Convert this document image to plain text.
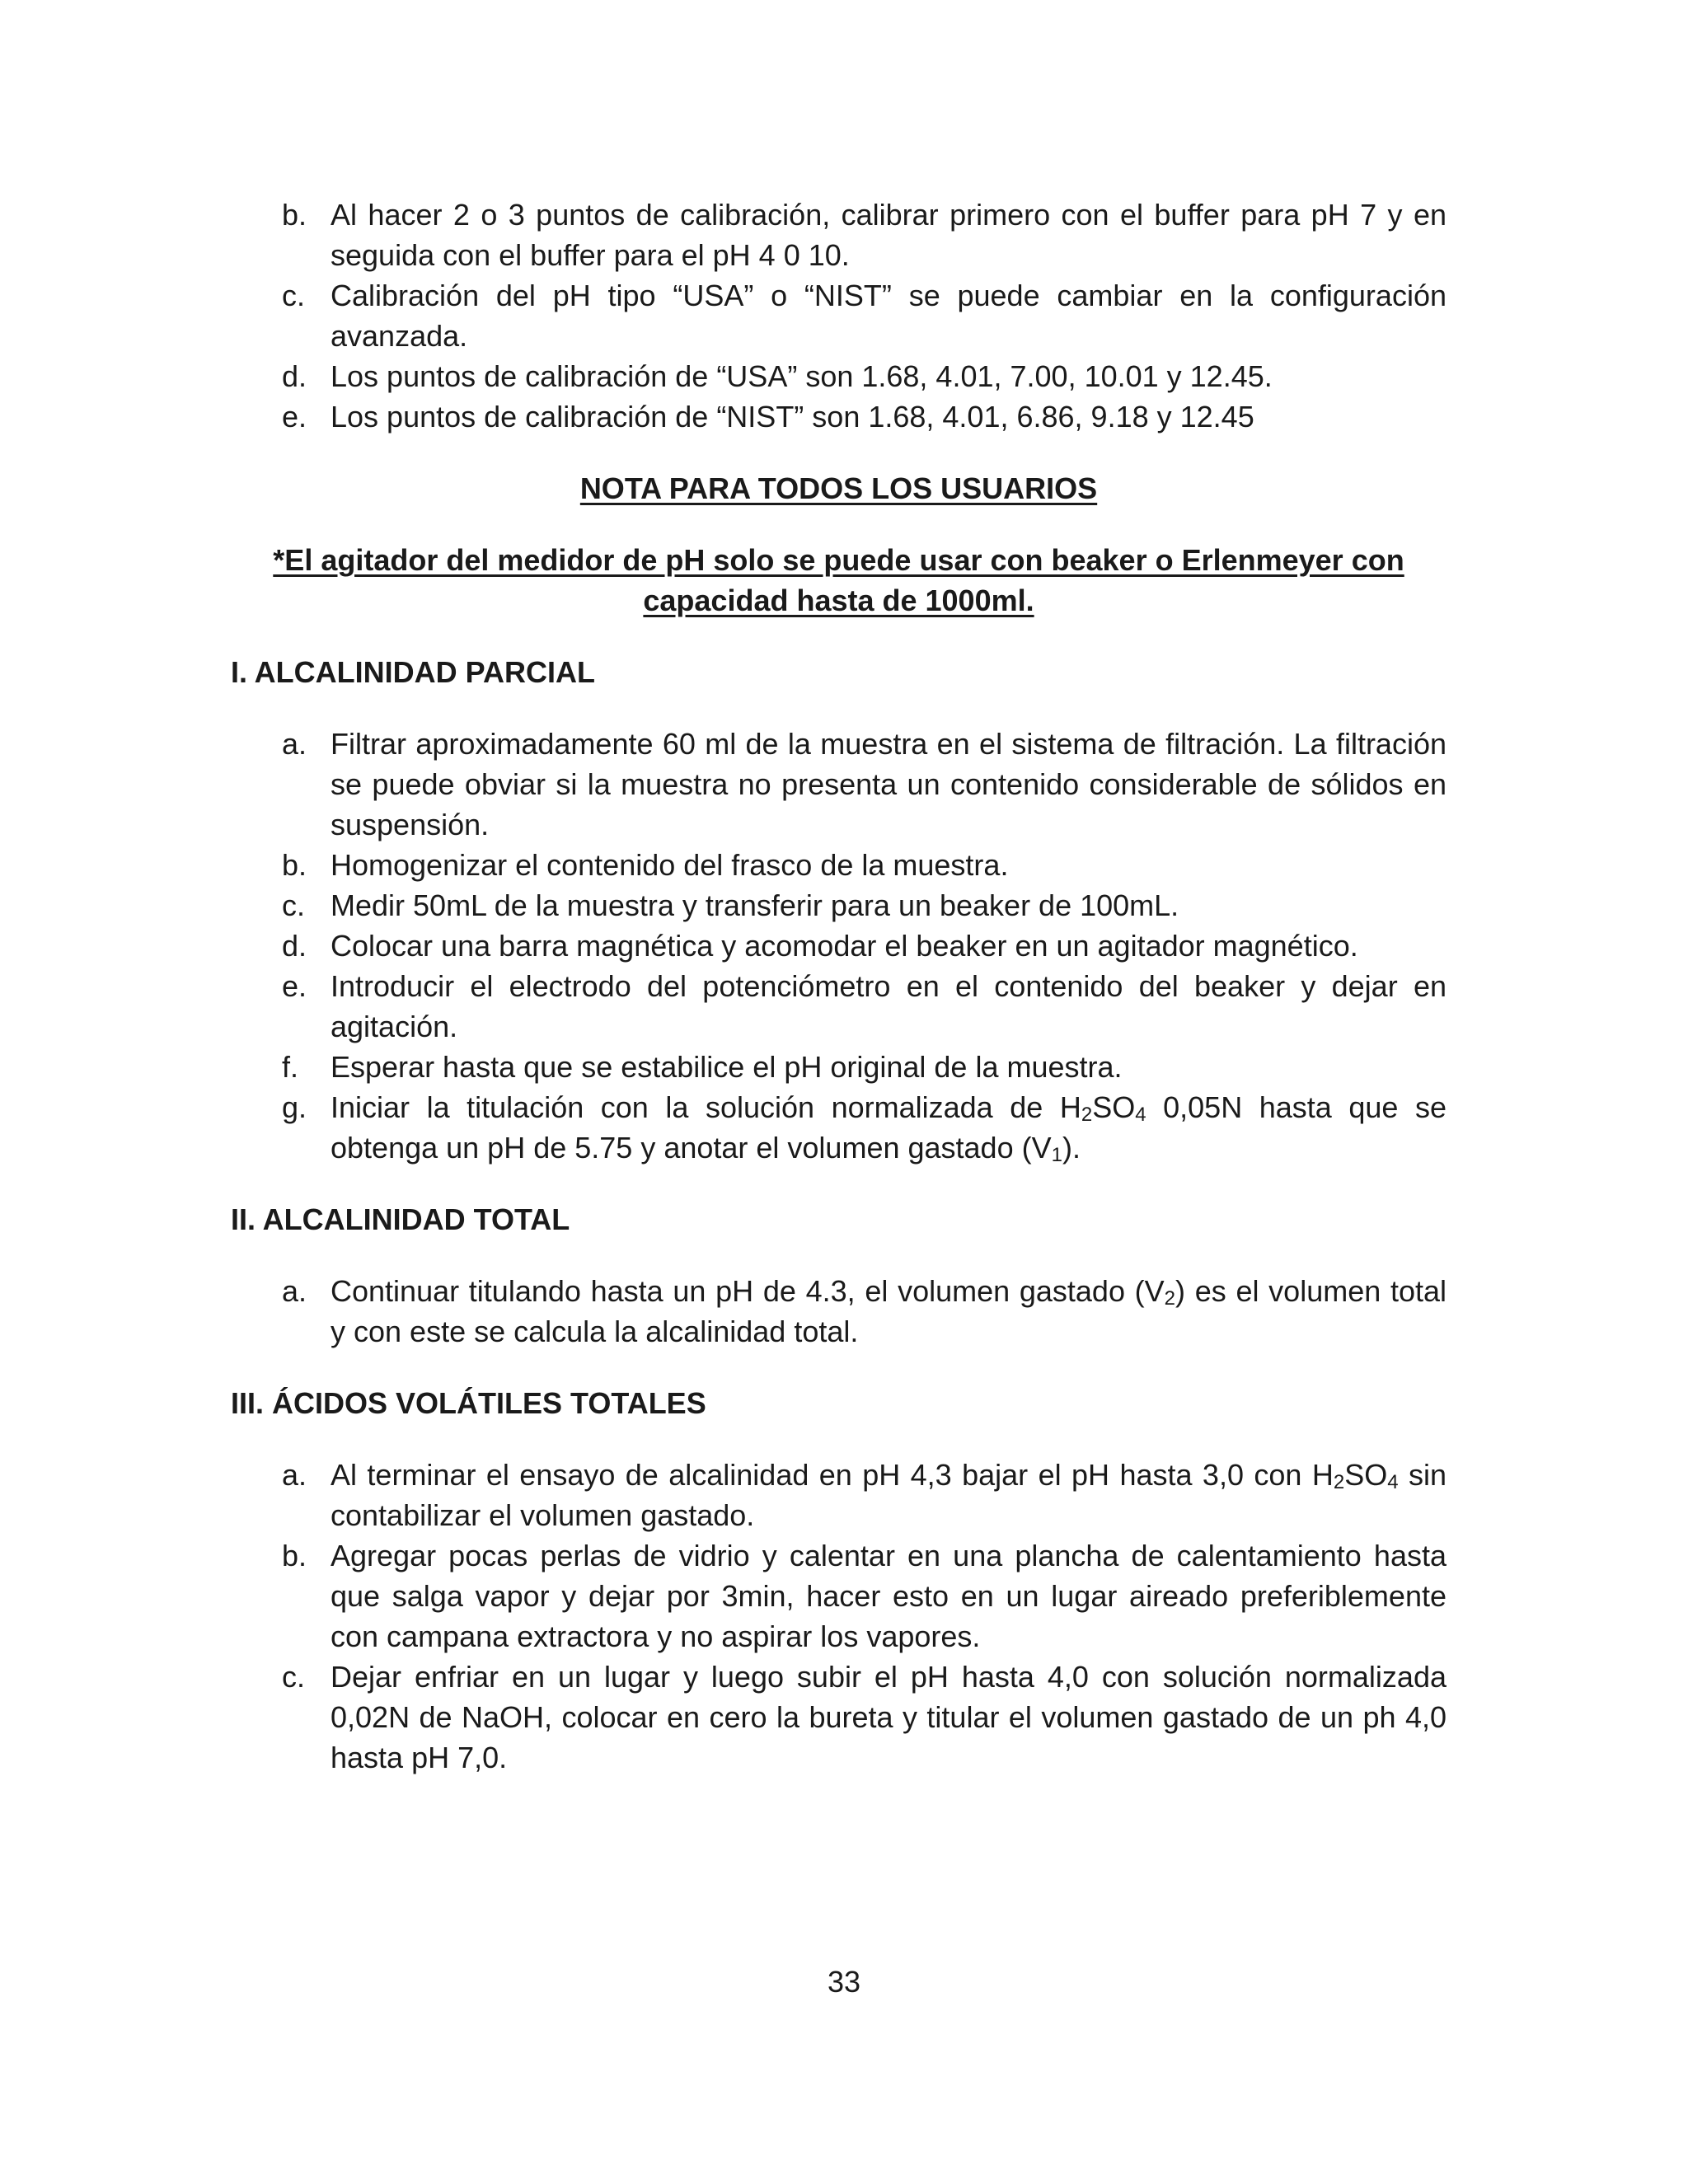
b. Al hacer 2 o 3 puntos de calibración, calibrar primero con el buffer para pH 7 y en seguida con el buffer para el pH 4 0 10.

c. Calibración del pH tipo “USA” o “NIST” se puede cambiar en la configuración avanzada.

d. Los puntos de calibración de “USA” son 1.68, 4.01, 7.00, 10.01 y 12.45.

e. Los puntos de calibración de “NIST” son 1.68, 4.01, 6.86, 9.18 y 12.45

NOTA PARA TODOS LOS USUARIOS

*El agitador del medidor de pH solo se puede usar con beaker o Erlenmeyer con

capacidad hasta de 1000ml.

I. ALCALINIDAD PARCIAL

a. Filtrar aproximadamente 60 ml de la muestra en el sistema de filtración. La filtración se puede obviar si la muestra no presenta un contenido considerable de sólidos en suspensión.

b. Homogenizar el contenido del frasco de la muestra.

c. Medir 50mL de la muestra y transferir para un beaker de 100mL.

d. Colocar una barra magnética y acomodar el beaker en un agitador magnético.

e. Introducir el electrodo del potenciómetro en el contenido del beaker y dejar en agitación.

f.	Esperar hasta que se estabilice el pH original de la muestra.

g. Iniciar la titulación con la solución normalizada de $H_2SO_4$ 0,05N hasta que se obtenga un pH de 5.75 y anotar el volumen gastado $(V_1)$.

II. ALCALINIDAD TOTAL

a. Continuar titulando hasta un pH de 4.3, el volumen gastado $(V_2)$ es el volumen total y con este se calcula la alcalinidad total.

III. ÁCIDOS VOLÁTILES TOTALES

a. Al terminar el ensayo de alcalinidad en pH 4,3 bajar el pH hasta 3,0 con $H_2SO_4$ sin contabilizar el volumen gastado.

b. Agregar pocas perlas de vidrio y calentar en una plancha de calentamiento hasta que salga vapor y dejar por 3min, hacer esto en un lugar aireado preferiblemente con campana extractora y no aspirar los vapores.

c. Dejar enfriar en un lugar y luego subir el pH hasta 4,0 con solución normalizada 0,02N de NaOH, colocar en cero la bureta y titular el volumen gastado de un ph 4,0 hasta pH 7,0.

33
